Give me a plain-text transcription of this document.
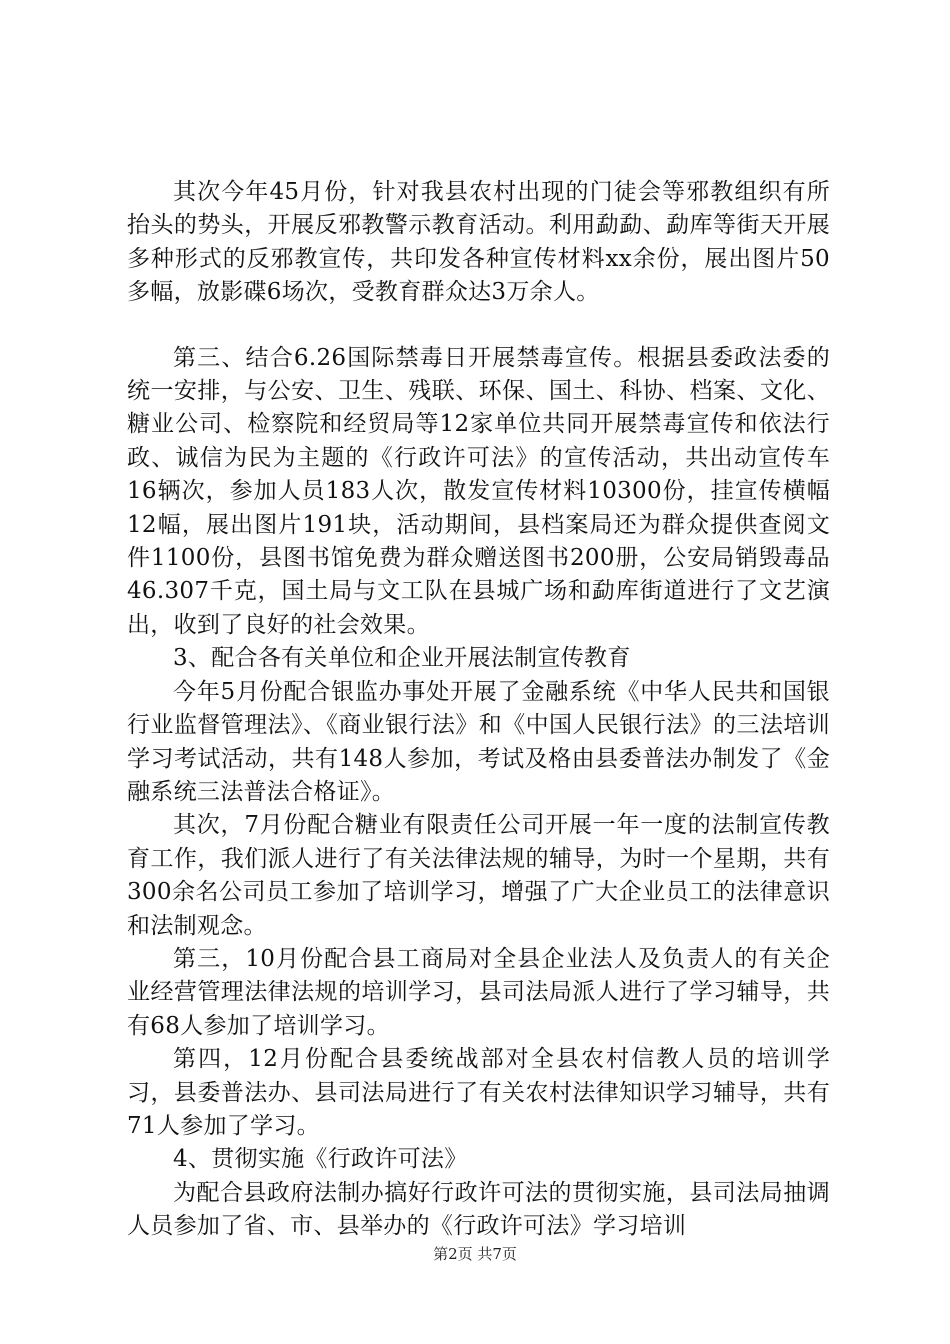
其次今年45月份，针对我县农村出现的门徒会等邪教组织有所抬头的势头，开展反邪教警示教育活动。利用勐勐、勐库等街天开展多种形式的反邪教宣传，共印发各种宣传材料xx余份，展出图片50多幅，放影碟6场次，受教育群众达3万余人。

第三、结合6.26国际禁毒日开展禁毒宣传。根据县委政法委的统一安排，与公安、卫生、残联、环保、国土、科协、档案、文化、糖业公司、检察院和经贸局等12家单位共同开展禁毒宣传和依法行政、诚信为民为主题的《行政许可法》的宣传活动，共出动宣传车16辆次，参加人员183人次，散发宣传材料10300份，挂宣传横幅12幅，展出图片191块，活动期间，县档案局还为群众提供查阅文件1100份，县图书馆免费为群众赠送图书200册，公安局销毁毒品46.307千克，国土局与文工队在县城广场和勐库街道进行了文艺演出，收到了良好的社会效果。

3、配合各有关单位和企业开展法制宣传教育

今年5月份配合银监办事处开展了金融系统《中华人民共和国银行业监督管理法》、《商业银行法》和《中国人民银行法》的三法培训学习考试活动，共有148人参加，考试及格由县委普法办制发了《金融系统三法普法合格证》。

其次，7月份配合糖业有限责任公司开展一年一度的法制宣传教育工作，我们派人进行了有关法律法规的辅导，为时一个星期，共有300余名公司员工参加了培训学习，增强了广大企业员工的法律意识和法制观念。

第三，10月份配合县工商局对全县企业法人及负责人的有关企业经营管理法律法规的培训学习，县司法局派人进行了学习辅导，共有68人参加了培训学习。

第四，12月份配合县委统战部对全县农村信教人员的培训学习，县委普法办、县司法局进行了有关农村法律知识学习辅导，共有71人参加了学习。

4、贯彻实施《行政许可法》

为配合县政府法制办搞好行政许可法的贯彻实施，县司法局抽调人员参加了省、市、县举办的《行政许可法》学习培训

第2页 共7页
